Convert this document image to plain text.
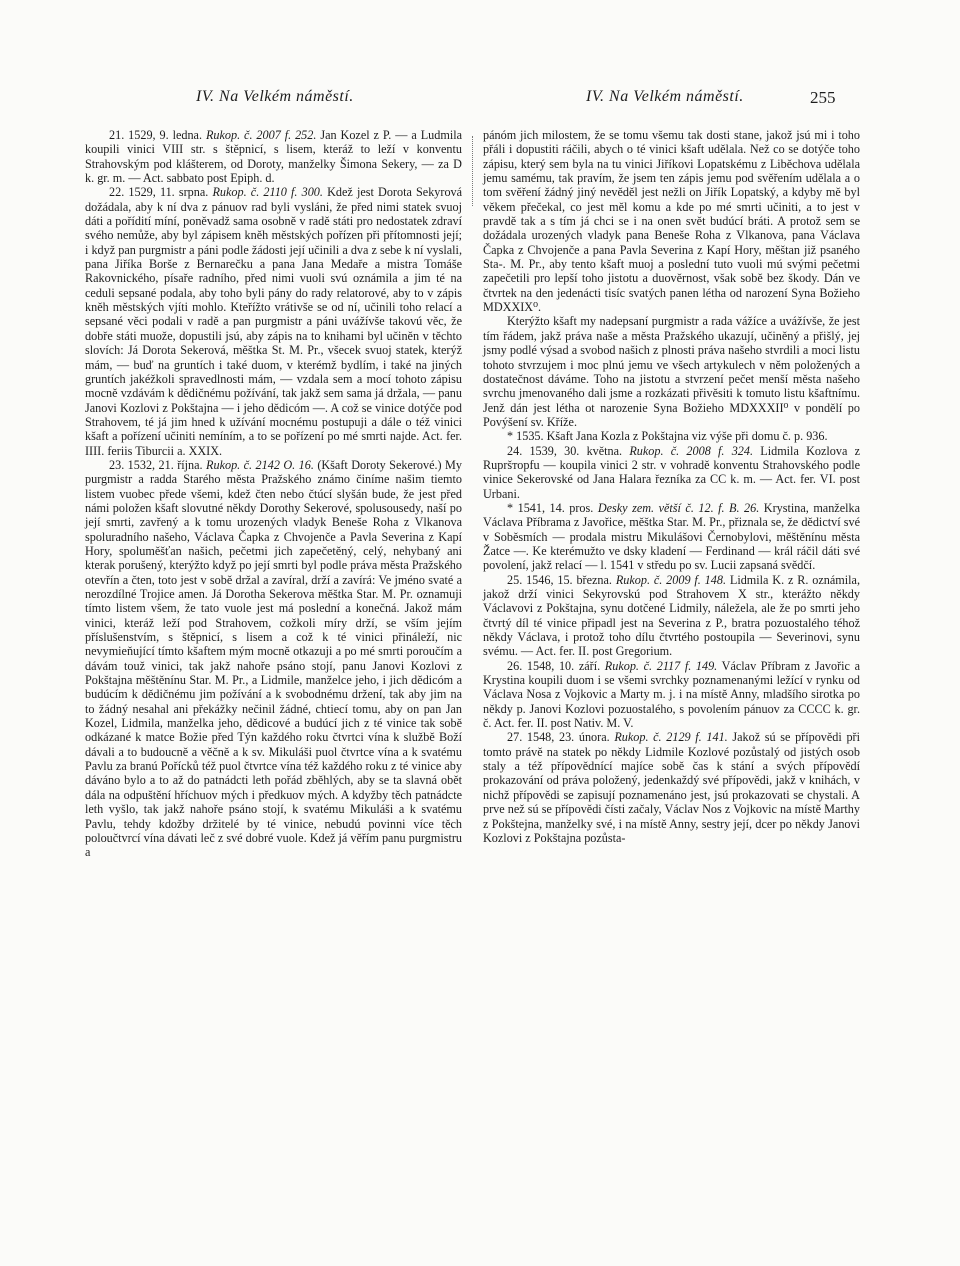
IV. Na Velkém náměstí.	IV. Na Velkém náměstí.	255

21. 1529, 9. ledna. Rukop. č. 2007 f. 252. Jan Kozel z P. — a Ludmila koupili vinici VIII str. s štěpnicí, s lisem, kteráž to leží v konventu Strahovským pod klášterem, od Doroty, manželky Šimona Sekery, — za D k. gr. m. — Act. sabbato post Epiph. d.

22. 1529, 11. srpna. Rukop. č. 2110 f. 300. Kdež jest Dorota Sekyrová dožádala, aby k ní dva z pánuov rad byli vysláni, že před nimi statek svuoj dáti a pořídití míní, poněvadž sama osobně v radě státi pro nedostatek zdraví svého nemůže, aby byl zápisem kněh městských pořízen při přítomnosti její; i když pan purgmistr a páni podle žádosti její učinili a dva z sebe k ní vyslali, pana Jiříka Borše z Bernarečku a pana Jana Medaře a mistra Tomáše Rakovnického, písaře radního, před nimi vuoli svú oznámila a jim té na ceduli sepsané podala, aby toho byli pány do rady relatorové, aby to v zápis kněh městských vjíti mohlo. Kteřížto vrátivše se od ní, učinili toho relací a sepsané věci podali v radě a pan purgmistr a páni uvážívše takovú věc, že dobře státi muože, dopustili jsú, aby zápis na to knihami byl učiněn v těchto slovích: Já Dorota Sekerová, měštka St. M. Pr., všecek svuoj statek, kterýž mám, — buď na gruntích i také duom, v kterémž bydlím, i také na jiných gruntích jakéžkoli spravedlnosti mám, — vzdala sem a mocí tohoto zápisu mocně vzdávám k dědičnému požívání, tak jakž sem sama já držala, — panu Janovi Kozlovi z Pokštajna — i jeho dědicóm —. A což se vinice dotýče pod Strahovem, té já jim hned k užívání mocnému postupuji a dále o též vinici kšaft a pořízení učiniti nemíním, a to se pořízení po mé smrti najde. Act. fer. IIII. feriis Tiburcii a. XXIX.

23. 1532, 21. října. Rukop. č. 2142 O. 16. (Kšaft Doroty Sekerové.) My purgmistr a radda Starého města Pražského známo činíme našim tiemto listem vuobec přede všemi, kdež čten nebo čtúcí slyšán bude, že jest před námi položen kšaft slovutné někdy Dorothy Sekerové, spolusousedy, naší po její smrti, zavřený a k tomu urozených vladyk Beneše Roha z Vlkanova spoluradního našeho, Václava Čapka z Chvojenče a Pavla Severina z Kapí Hory, spoluměšťan našich, pečetmi jich zapečetěný, celý, nehybaný ani kterak porušený, kterýžto když po její smrti byl podle práva města Pražského otevřín a čten, toto jest v sobě držal a zavíral, drží a zavírá: Ve jméno svaté a nerozdílné Trojice amen. Já Dorotha Sekerova měštka Star. M. Pr. oznamuji tímto listem všem, že tato vuole jest má poslední a konečná. Jakož mám vinici, kteráž leží pod Strahovem, cožkoli míry drží, se vším jejím příslušenstvím, s štěpnicí, s lisem a což k té vinici přináleží, nic nevymieňující tímto kšaftem mým mocně otkazuji a po mé smrti poroučím a dávám touž vinici, tak jakž nahoře psáno stojí, panu Janovi Kozlovi z Pokštajna měštěnínu Star. M. Pr., a Lidmile, manželce jeho, i jich dědicóm a budúcím k dědičnému jim požívání a k svobodnému držení, tak aby jim na to žádný nesahal ani překážky nečinil žádné, chtiecí tomu, aby on pan Jan Kozel, Lidmila, manželka jeho, dědicové a budúcí jich z té vinice tak sobě odkázané k matce Božie před Týn každého roku čtvrtci vína k službě Boží dávali a to budoucně a věčně a k sv. Mikuláši puol čtvrtce vína a k svatému Pavlu za branú Pořícků též puol čtvrtce vína též každého roku z té vinice aby dáváno bylo a to až do patnádcti leth pořád zběhlých, aby se ta slavná obět dála na odpuštění hříchuov mých i předkuov mých. A kdyžby těch patnádcte leth vyšlo, tak jakž nahoře psáno stojí, k svatému Mikuláši a k svatému Pavlu, tehdy kdožby držitelé by té vinice, nebudú povinni více těch poloučtvrcí vína dávati leč z své dobré vuole. Kdež já věřím panu purgmistru a

pánóm jich milostem, že se tomu všemu tak dosti stane, jakož jsú mi i toho přáli i dopustiti ráčili, abych o té vinici kšaft udělala. Než co se dotýče toho zápisu, který sem byla na tu vinici Jiříkovi Lopatskému z Liběchova udělala jemu samému, tak pravím, že jsem ten zápis jemu pod svěřením udělala a o tom svěření žádný jiný nevěděl jest nežli on Jiřík Lopatský, a kdyby mě byl věkem přečekal, co jest měl komu a kde po mé smrti učiniti, a to jest v pravdě tak a s tím já chci se i na onen svět budúcí bráti. A protož sem se dožádala urozených vladyk pana Beneše Roha z Vlkanova, pana Václava Čapka z Chvojenče a pana Pavla Severina z Kapí Hory, měštan již psaného Sta-. M. Pr., aby tento kšaft muoj a poslední tuto vuoli mú svými pečetmi zapečetili pro lepší toho jistotu a duověrnost, však sobě bez škody. Dán ve čtvrtek na den jedenácti tisíc svatých panen létha od narození Syna Božieho MDXXIX⁰.

Kterýžto kšaft my nadepsaní purgmistr a rada vážíce a uvážívše, že jest tím řádem, jakž práva naše a města Pražského ukazují, učiněný a přišlý, jej jsmy podlé výsad a svobod našich z plnosti práva našeho stvrdili a moci listu tohoto stvrzujem i moc plnú jemu ve všech artykulech v něm položených a dostatečnost dáváme. Toho na jistotu a stvrzení pečet menší města našeho svrchu jmenovaného dali jsme a rozkázati přivěsiti k tomuto listu kšaftnímu. Jenž dán jest létha ot narozenie Syna Božieho MDXXXII⁰ v pondělí po Povýšení sv. Kříže.

* 1535. Kšaft Jana Kozla z Pokštajna viz výše při domu č. p. 936.

24. 1539, 30. května. Rukop. č. 2008 f. 324. Lidmila Kozlova z Rupršторfu — koupila vinici 2 str. v vohradě konventu Strahovského podle vinice Sekerovské od Jana Halara řezníka za CC k. m. — Act. fer. VI. post Urbani.

* 1541, 14. pros. Desky zem. větší č. 12. f. B. 26. Krystina, manželka Václava Příbrama z Javořice, měštka Star. M. Pr., přiznala se, že dědictví své v Soběsmích — prodala mistru Mikulášovi Černobylovi, měštěnínu města Žatce —. Ke kterémužto ve dsky kladení — Ferdinand — král ráčil dáti své povolení, jakž relací — l. 1541 v středu po sv. Lucii zapsaná svědčí.

25. 1546, 15. března. Rukop. č. 2009 f. 148. Lidmila K. z R. oznámila, jakož drží vinici Sekyrovskú pod Strahovem X str., kterážto někdy Václavovi z Pokštajna, synu dotčené Lidmily, náležela, ale že po smrti jeho čtvrtý díl té vinice připadl jest na Severina z P., bratra pozuostalého téhož někdy Václava, i protož toho dílu čtvrtého postoupila — Severinovi, synu svému. — Act. fer. II. post Gregorium.

26. 1548, 10. září. Rukop. č. 2117 f. 149. Václav Příbram z Javořic a Krystina koupili duom i se všemi svrchky poznamenanými ležící v rynku od Václava Nosa z Vojkovic a Marty m. j. i na místě Anny, mladšího sirotka po někdy p. Janovi Kozlovi pozuostalého, s povolením pánuov za CCCC k. gr. č. Act. fer. II. post Nativ. M. V.

27. 1548, 23. února. Rukop. č. 2129 f. 141. Jakož sú se přípovědi při tomto právě na statek po někdy Lidmile Kozlové pozůstalý od jistých osob staly a též přípovědnící majíce sobě čas k stání a svých přípovědí prokazování od práva položený, jedenkaždý své přípovědi, jakž v knihách, v nichž přípovědi se zapisují poznamenáno jest, jsú prokazovati se chystali. A prve než sú se přípovědi čísti začaly, Václav Nos z Vojkovic na místě Marthy z Pokštejna, manželky své, i na místě Anny, sestry její, dcer po někdy Janovi Kozlovi z Pokštajna pozůsta-
